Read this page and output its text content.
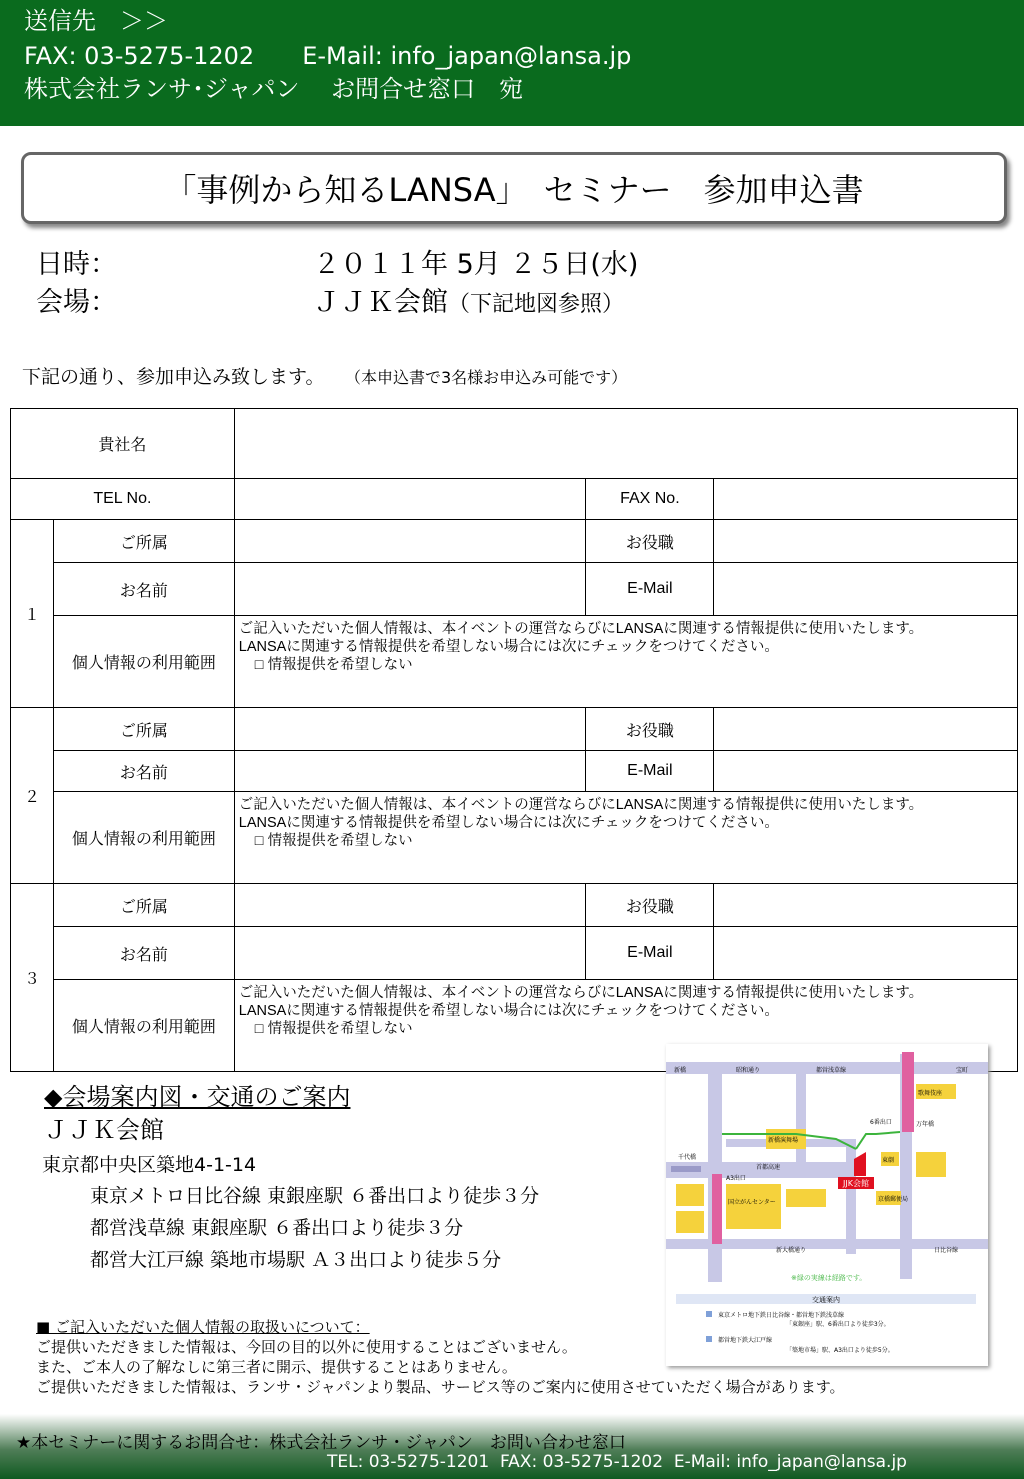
送信先　＞＞
FAX: 03-5275-1202　　E-Mail: info_japan@lansa.jp
株式会社ランサ･ジャパン　 お問合せ窓口　宛
「事例から知るLANSA」　セミナー　参加申込書
日時：	２０１１年 5月 ２５日(水)
会場：	ＪＪＫ会館（下記地図参照）
下記の通り、参加申込み致します。　　 （本申込書で3名様お申込み可能です）
貴社名				
TEL No.			FAX No.	
１	ご所属		お役職	
	お名前		E-Mail	
	個人情報の利用範囲	ご記入いただいた個人情報は、本イベントの運営ならびにLANSAに関連する情報提供に使用いたします。
LANSAに関連する情報提供を希望しない場合には次にチェックをつけてください。
□ 情報提供を希望しない		

２	ご所属		お役職	
	お名前		E-Mail	
	個人情報の利用範囲	ご記入いただいた個人情報は、本イベントの運営ならびにLANSAに関連する情報提供に使用いたします。
LANSAに関連する情報提供を希望しない場合には次にチェックをつけてください。
□ 情報提供を希望しない		

３	ご所属		お役職	
	お名前		E-Mail	
	個人情報の利用範囲	ご記入いただいた個人情報は、本イベントの運営ならびにLANSAに関連する情報提供に使用いたします。
LANSAに関連する情報提供を希望しない場合には次にチェックをつけてください。
□ 情報提供を希望しない		
◆会場案内図・交通のご案内
ＪＪＫ会館
東京都中央区築地4-1-14
東京メトロ日比谷線 東銀座駅 ６番出口より徒歩３分
都営浅草線 東銀座駅 ６番出口より徒歩３分
都営大江戸線 築地市場駅 Ａ３出口より徒歩５分
JJK会館
新橋	昭和通り	都営浅草線	宝町
首都高速
千代橋
新大橋通り	日比谷線
万年橋
歌舞伎座
新橋演舞場
東劇
国立がんセンター	京橋郵便局
6番出口
A3出口
※緑の実線は経路です。
交通案内
東京メトロ地下鉄日比谷線・都営地下鉄浅草線
「東銀座」駅、6番出口より徒歩3分。
都営地下鉄大江戸線
「築地市場」駅、A3出口より徒歩5分。
■ ご記入いただいた個人情報の取扱いについて：
ご提供いただきました情報は、今回の目的以外に使用することはございません。
また、ご本人の了解なしに第三者に開示、提供することはありません。
ご提供いただきました情報は、ランサ・ジャパンより製品、サービス等のご案内に使用させていただく場合があります。
★本セミナーに関するお問合せ：株式会社ランサ・ジャパン　お問い合わせ窓口
TEL: 03-5275-1201  FAX: 03-5275-1202  E-Mail: info_japan@lansa.jp
